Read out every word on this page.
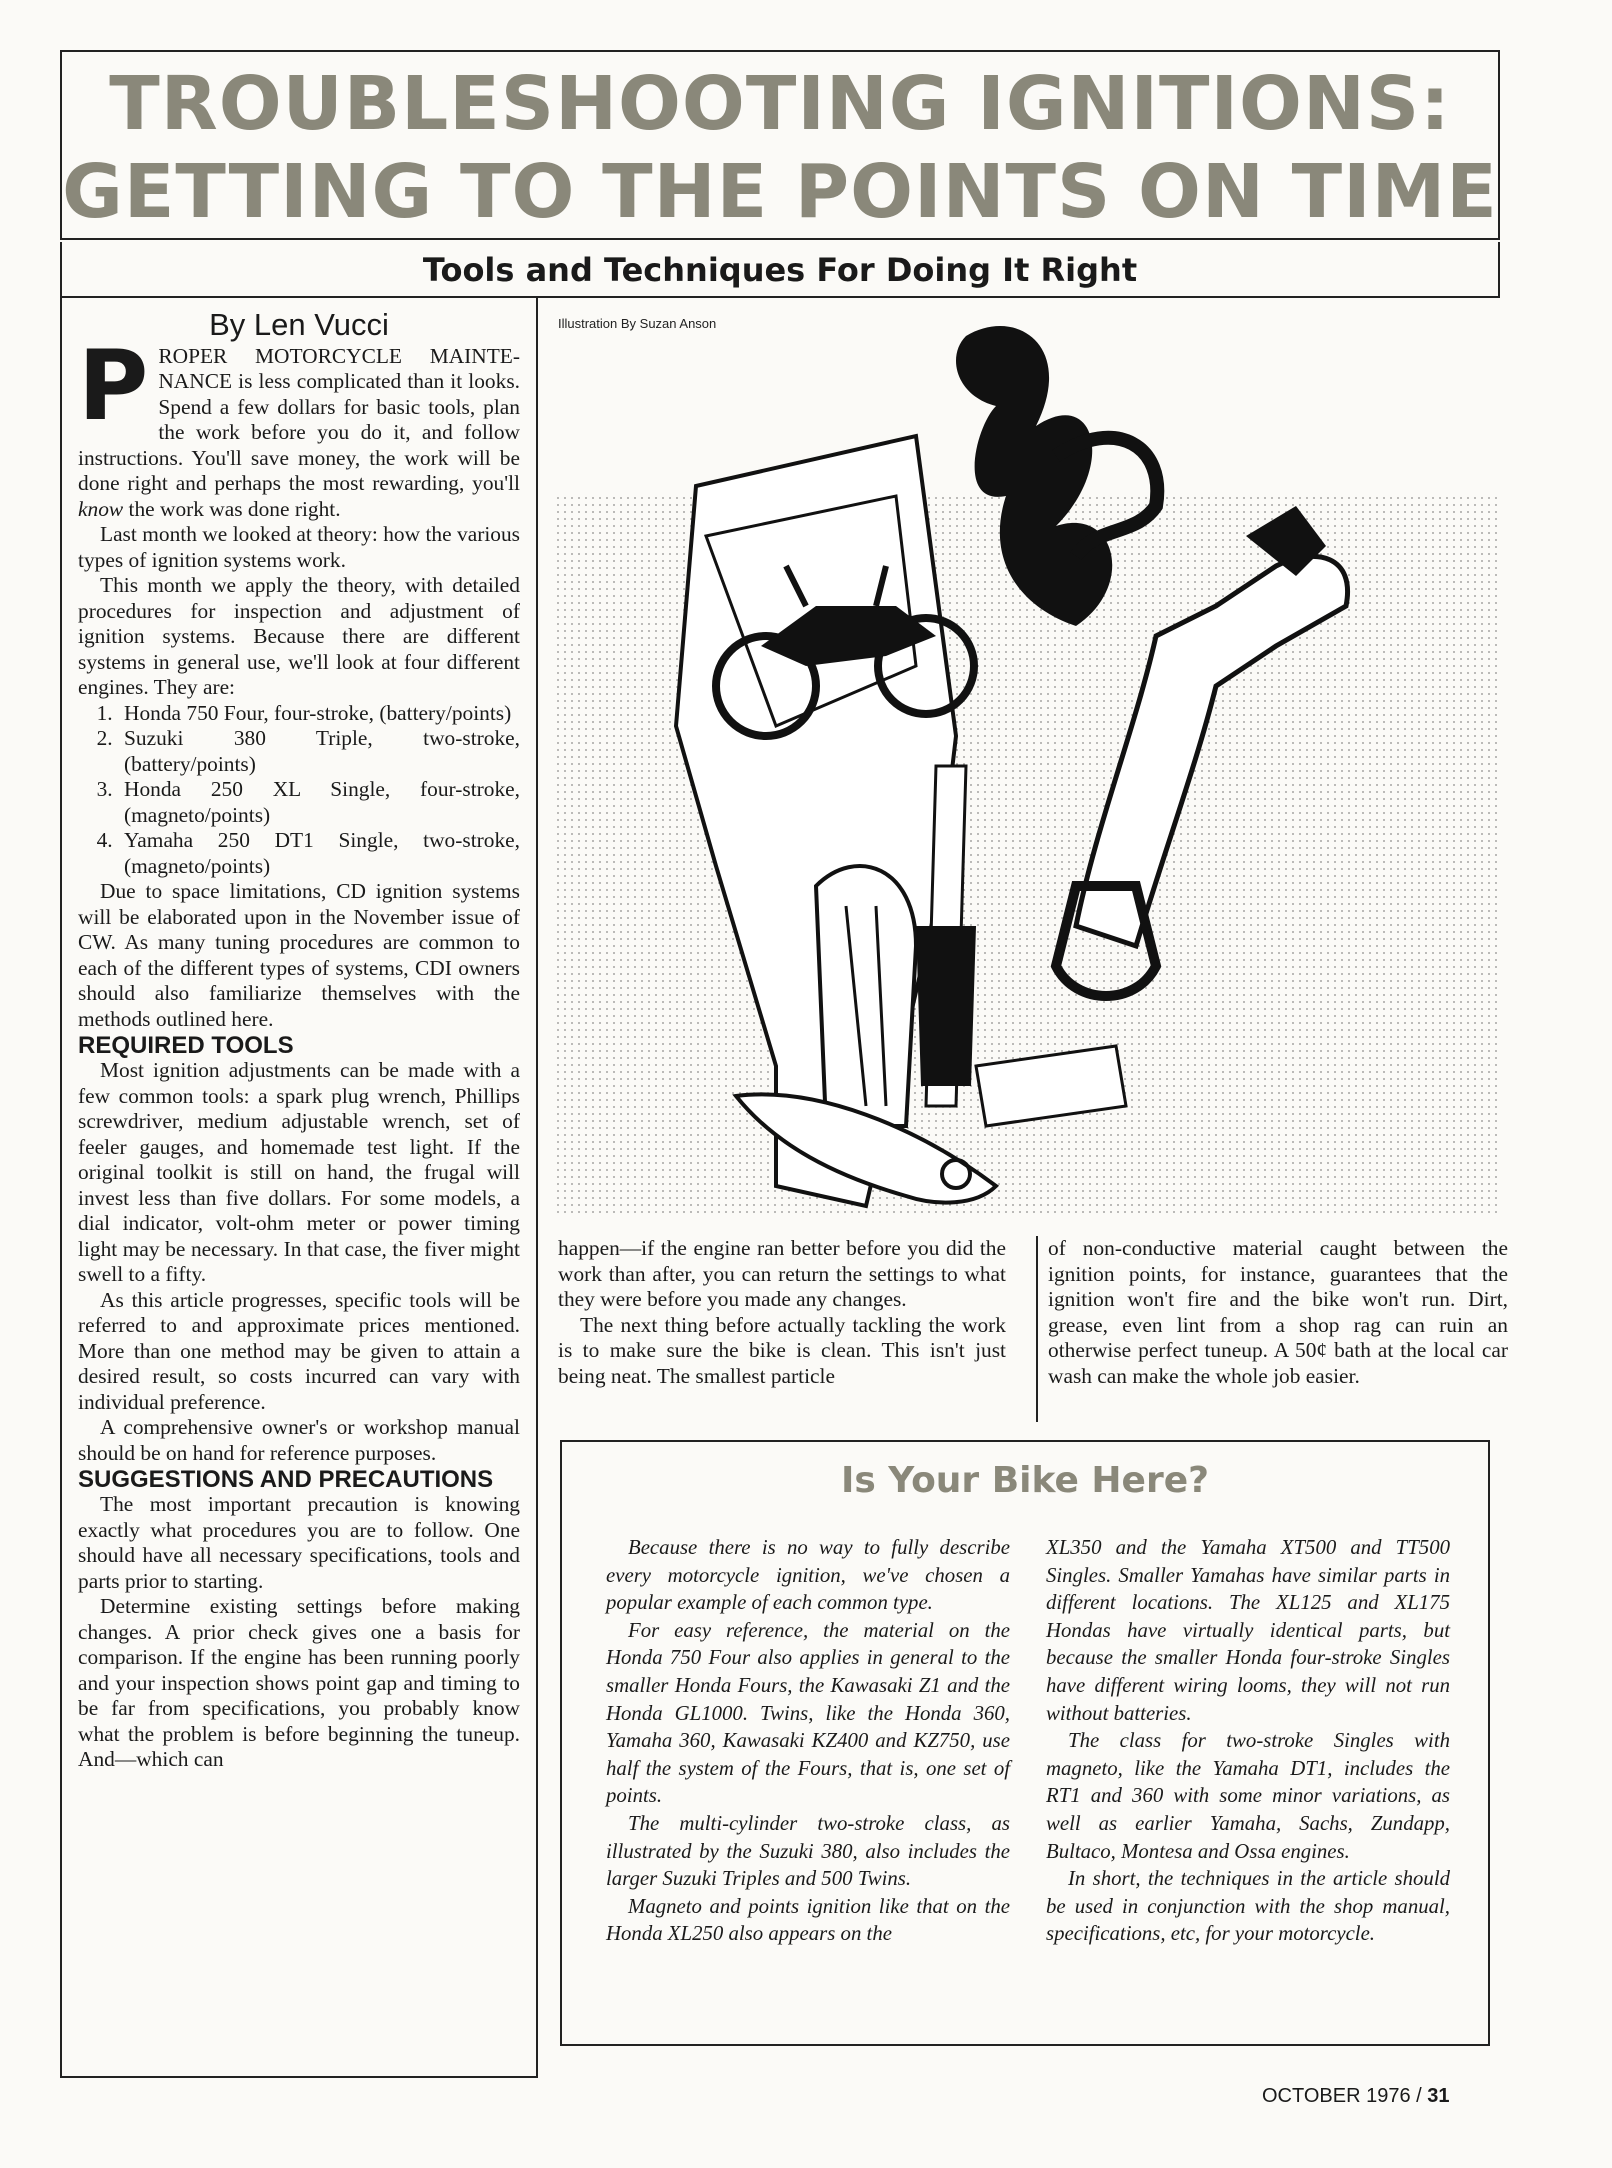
TROUBLESHOOTING IGNITIONS:
GETTING TO THE POINTS ON TIME
Tools and Techniques For Doing It Right
By Len Vucci

PROPER MOTORCYCLE MAINTE-NANCE is less complicated than it looks. Spend a few dollars for basic tools, plan the work before you do it, and follow instructions. You'll save money, the work will be done right and perhaps the most rewarding, you'll know the work was done right.

Last month we looked at theory: how the various types of ignition systems work.

This month we apply the theory, with detailed procedures for inspection and adjustment of ignition systems. Because there are different systems in general use, we'll look at four different engines. They are:

1. Honda 750 Four, four-stroke, (battery/points)
2. Suzuki 380 Triple, two-stroke, (battery/points)
3. Honda 250 XL Single, four-stroke, (magneto/points)
4. Yamaha 250 DT1 Single, two-stroke, (magneto/points)

Due to space limitations, CD ignition systems will be elaborated upon in the November issue of CW. As many tuning procedures are common to each of the different types of systems, CDI owners should also familiarize themselves with the methods outlined here.

REQUIRED TOOLS

Most ignition adjustments can be made with a few common tools: a spark plug wrench, Phillips screwdriver, medium adjustable wrench, set of feeler gauges, and homemade test light. If the original toolkit is still on hand, the frugal will invest less than five dollars. For some models, a dial indicator, volt-ohm meter or power timing light may be necessary. In that case, the fiver might swell to a fifty.

As this article progresses, specific tools will be referred to and approximate prices mentioned. More than one method may be given to attain a desired result, so costs incurred can vary with individual preference.

A comprehensive owner's or workshop manual should be on hand for reference purposes.

SUGGESTIONS AND PRECAUTIONS

The most important precaution is knowing exactly what procedures you are to follow. One should have all necessary specifications, tools and parts prior to starting.

Determine existing settings before making changes. A prior check gives one a basis for comparison. If the engine has been running poorly and your inspection shows point gap and timing to be far from specifications, you probably know what the problem is before beginning the tuneup. And—which can

Illustration By Suzan Anson

happen—if the engine ran better before you did the work than after, you can return the settings to what they were before you made any changes.

The next thing before actually tackling the work is to make sure the bike is clean. This isn't just being neat. The smallest particle

of non-conductive material caught between the ignition points, for instance, guarantees that the ignition won't fire and the bike won't run. Dirt, grease, even lint from a shop rag can ruin an otherwise perfect tuneup. A 50¢ bath at the local car wash can make the whole job easier.

Is Your Bike Here?

Because there is no way to fully describe every motorcycle ignition, we've chosen a popular example of each common type.

For easy reference, the material on the Honda 750 Four also applies in general to the smaller Honda Fours, the Kawasaki Z1 and the Honda GL1000. Twins, like the Honda 360, Yamaha 360, Kawasaki KZ400 and KZ750, use half the system of the Fours, that is, one set of points.

The multi-cylinder two-stroke class, as illustrated by the Suzuki 380, also includes the larger Suzuki Triples and 500 Twins.

Magneto and points ignition like that on the Honda XL250 also appears on the

XL350 and the Yamaha XT500 and TT500 Singles. Smaller Yamahas have similar parts in different locations. The XL125 and XL175 Hondas have virtually identical parts, but because the smaller Honda four-stroke Singles have different wiring looms, they will not run without batteries.

The class for two-stroke Singles with magneto, like the Yamaha DT1, includes the RT1 and 360 with some minor variations, as well as earlier Yamaha, Sachs, Zundapp, Bultaco, Montesa and Ossa engines.

In short, the techniques in the article should be used in conjunction with the shop manual, specifications, etc, for your motorcycle.

OCTOBER 1976 / 31
